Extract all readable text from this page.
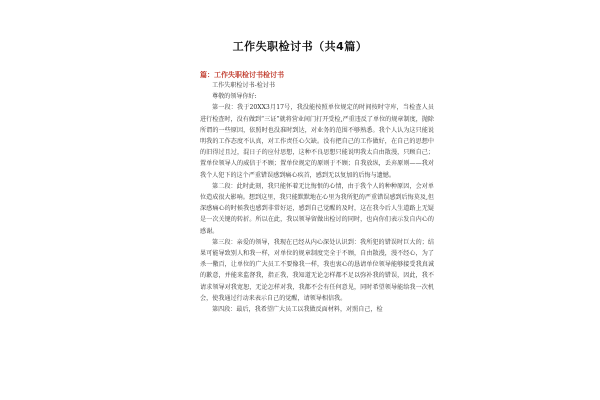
工作失职检讨书（共4篇）
篇：工作失职检讨书检讨书

工作失职检讨书-检讨书

尊敬的领导你好:

第一段：我于20XX3月17号，我没能按照单位规定的时间按时守库，当检查人员进行检查时，没有做到“三证”就将营业间门打开受检,严重违反了单位的规章制度，抛除所谓的一些原因，依照时也没准时到达，对业务的范围不够熟悉。我个人认为这只能说明我的工作态度不认真，对工作责任心欠缺。没有把自己的工作做好，在自己的思想中的旧得过且过，混日子的应付思想，这种不良思想只能说明我太自由散漫，只顾自己；置单位领导人的威信于不顾；置单位规定的原则于不顾；自我放纵，丢弃原则——我对我个人犯下的这个严重错误感到痛心疾首，感到无以复加的后悔与遗憾。

第二段：此时此刻，我只能怀着无比悔恨的心情，由于我个人的种种原因，会对单位造成很大影响。想到这里，我只能默默地在心里为我所犯的严重错误感到后悔莫及,但深感痛心的时候我也感到非常好运，感到自己觉醒的及时，这在我今后人生道路上无疑是一次关键的转折。所以在此，我以领导留做出检讨的同时，也向你们表示发自内心的感谢。

第三段：亲爱的领导，我现在已经从内心深处认识到：我所犯的错误时巨大的；结果可能导致别人和我一样，对单位的规章制度完全于不顾，自由散漫，漫不经心，为了杀一儆百，让单位的广大员工不要像我一样，我也衷心的恳请单位领导能够接受我真诚的歉意，并能来监督我，指正我，我知道无论怎样都不足以弥补我的错误，因此，我不请求领导对我宽恕，无论怎样对我，我都不会有任何意见，同时希望领导能给我一次机会，使我通过行动来表示自己的觉醒，请领导相信我。

第四段：最后，我希望广大员工以我做反面材料，对照自己，检
